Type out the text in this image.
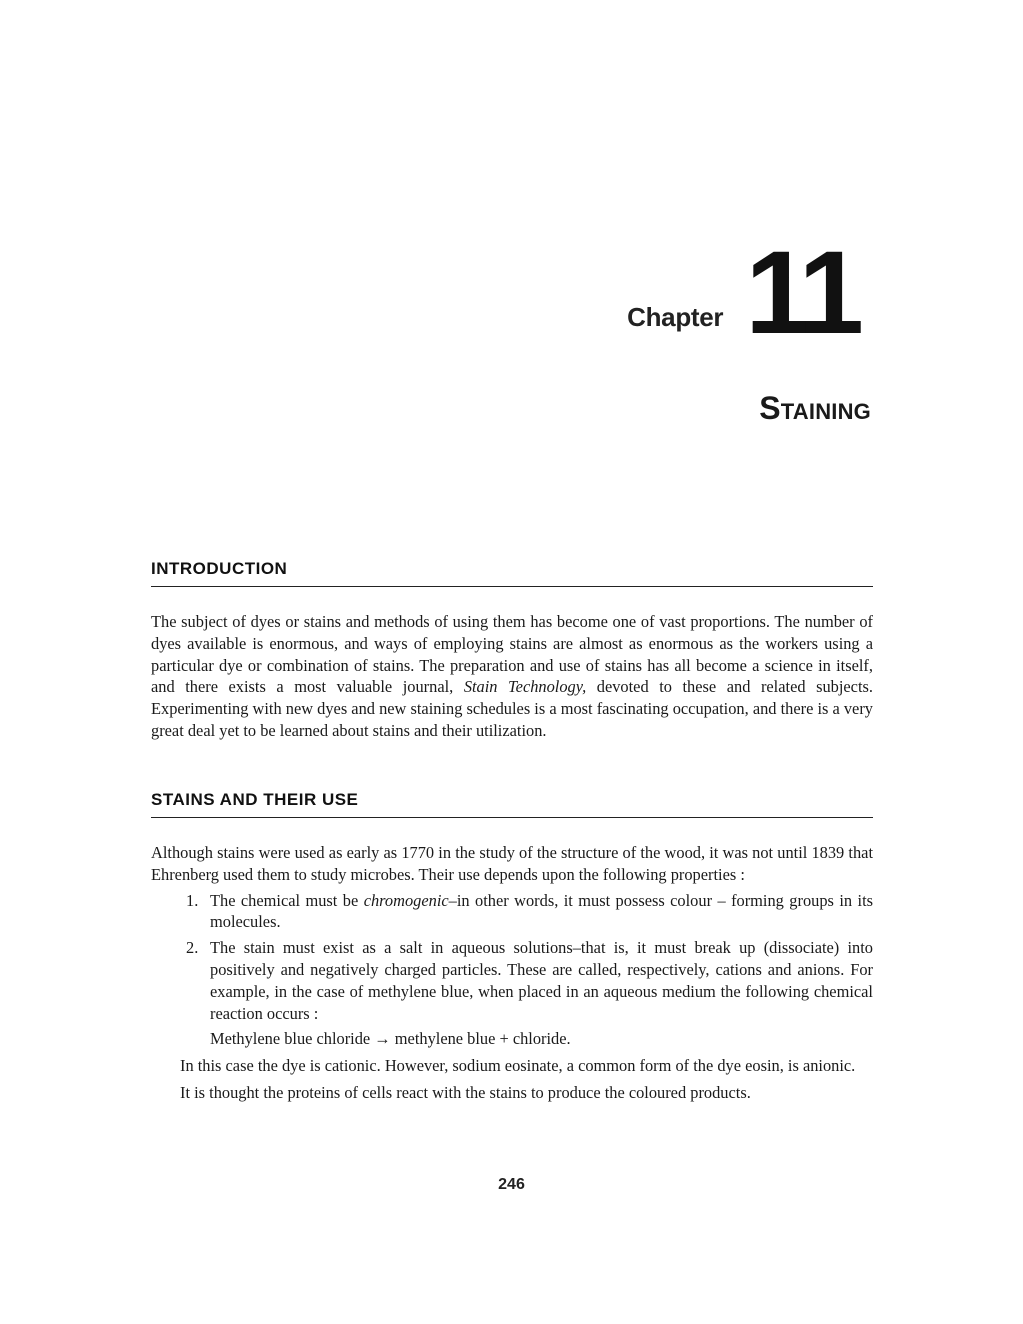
Chapter 11
Staining
INTRODUCTION

The subject of dyes or stains and methods of using them has become one of vast proportions. The number of dyes available is enormous, and ways of employing stains are almost as enormous as the workers using a particular dye or combination of stains. The preparation and use of stains has all become a science in itself, and there exists a most valuable journal, Stain Technology, devoted to these and related subjects. Experimenting with new dyes and new staining schedules is a most fascinating occupation, and there is a very great deal yet to be learned about stains and their utilization.

STAINS AND THEIR USE

Although stains were used as early as 1770 in the study of the structure of the wood, it was not until 1839 that Ehrenberg used them to study microbes. Their use depends upon the following properties :

1. The chemical must be chromogenic–in other words, it must possess colour – forming groups in its molecules.
2. The stain must exist as a salt in aqueous solutions–that is, it must break up (dissociate) into positively and negatively charged particles. These are called, respectively, cations and anions. For example, in the case of methylene blue, when placed in an aqueous medium the following chemical reaction occurs :
Methylene blue chloride → methylene blue + chloride.

In this case the dye is cationic. However, sodium eosinate, a common form of the dye eosin, is anionic.

It is thought the proteins of cells react with the stains to produce the coloured products.

246
